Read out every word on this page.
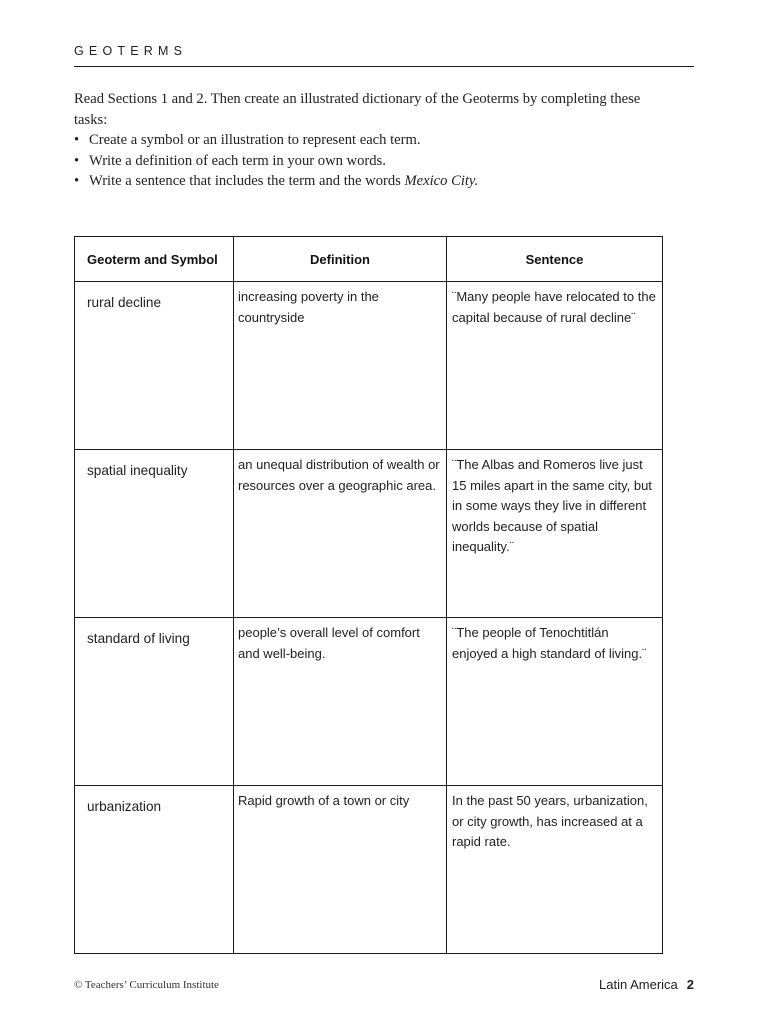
GEOTERMS

Read Sections 1 and 2. Then create an illustrated dictionary of the Geoterms by completing these tasks:

• Create a symbol or an illustration to represent each term.
• Write a definition of each term in your own words.
• Write a sentence that includes the term and the words Mexico City.
Geoterm and Symbol	Definition	Sentence
rural decline	increasing poverty in the countryside	¨Many people have relocated to the capital because of rural decline¨
spatial inequality	an unequal distribution of wealth or resources over a geographic area.	¨The Albas and Romeros live just 15 miles apart in the same city, but in some ways they live in different worlds because of spatial inequality.¨
standard of living	people’s overall level of comfort and well-being.	¨The people of Tenochtitlán enjoyed a high standard of living.¨
urbanization	Rapid growth of a town or city	In the past 50 years, urbanization, or city growth, has increased at a rapid rate.
© Teachers’ Curriculum Institute	Latin America 2
